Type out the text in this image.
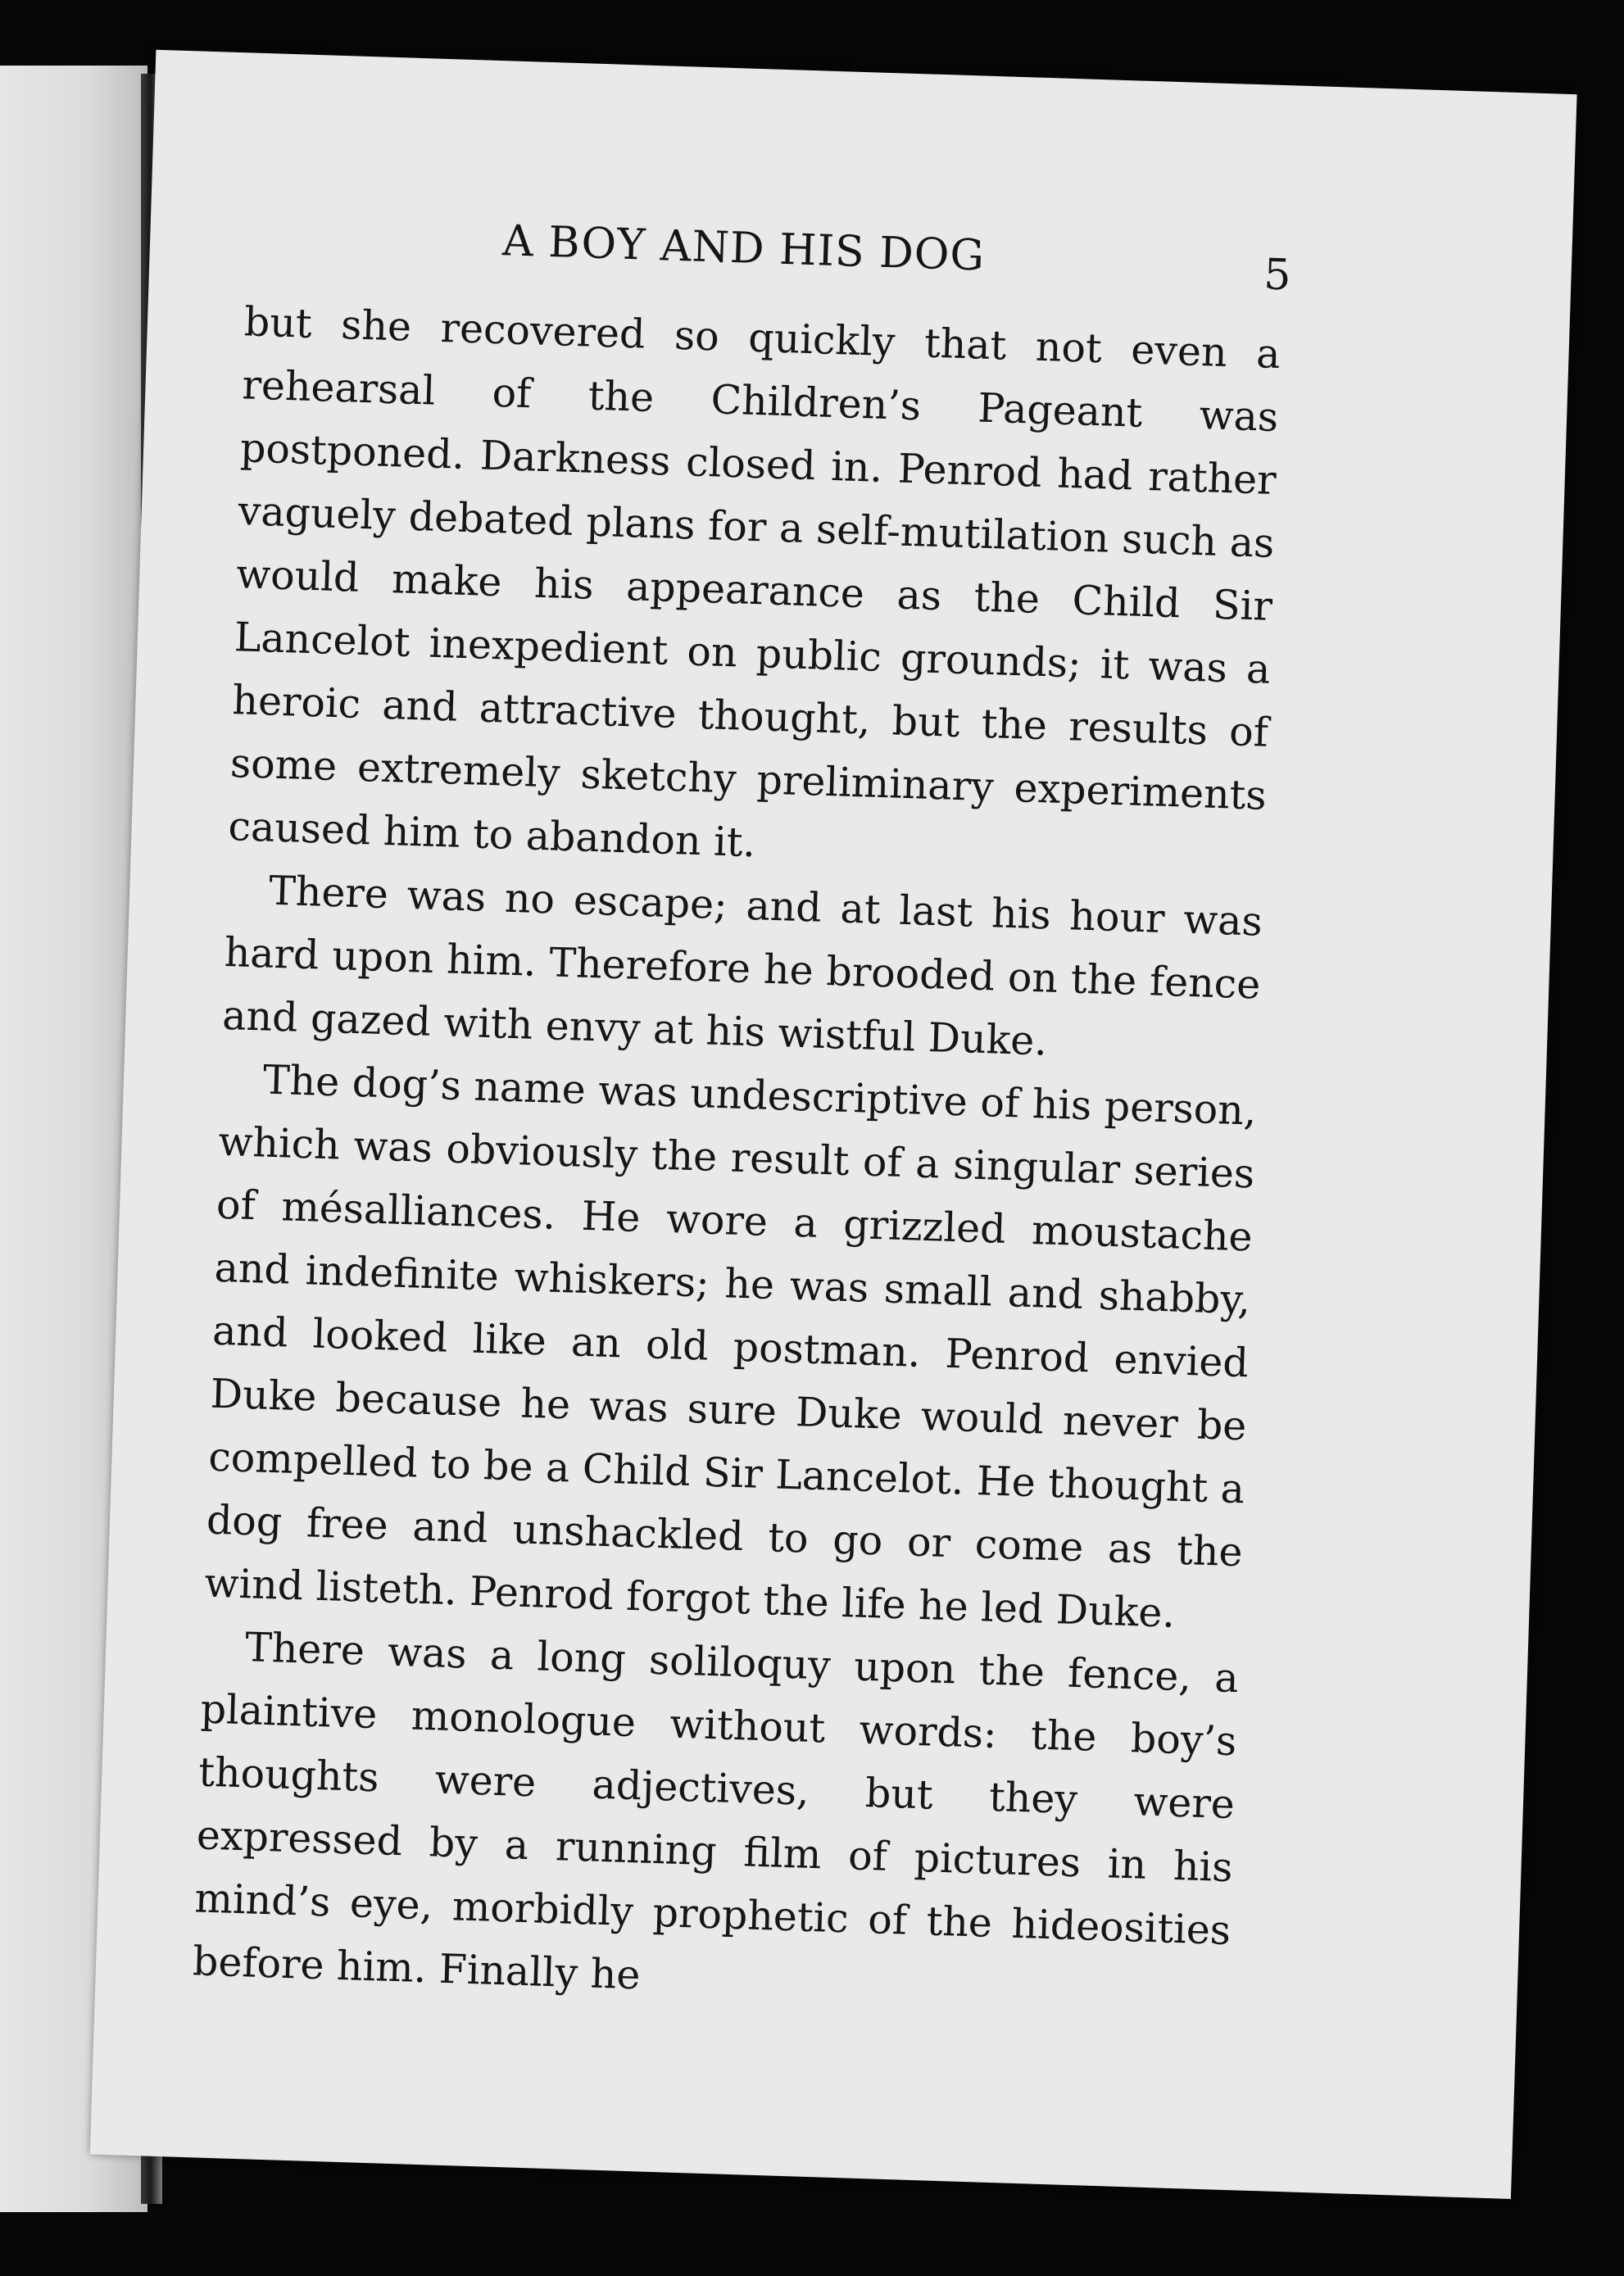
A BOY AND HIS DOG	5

but she recovered so quickly that not even a rehearsal of the Children’s Pageant was postponed. Darkness closed in. Penrod had rather vaguely debated plans for a self-mutilation such as would make his appearance as the Child Sir Lancelot inexpedient on public grounds; it was a heroic and attractive thought, but the results of some extremely sketchy preliminary experiments caused him to abandon it.

There was no escape; and at last his hour was hard upon him. Therefore he brooded on the fence and gazed with envy at his wistful Duke.

The dog’s name was undescriptive of his person, which was obviously the result of a singular series of mésalliances. He wore a grizzled moustache and indefinite whiskers; he was small and shabby, and looked like an old postman. Penrod envied Duke because he was sure Duke would never be compelled to be a Child Sir Lancelot. He thought a dog free and unshackled to go or come as the wind listeth. Penrod forgot the life he led Duke.

There was a long soliloquy upon the fence, a plaintive monologue without words: the boy’s thoughts were adjectives, but they were expressed by a running film of pictures in his mind’s eye, morbidly prophetic of the hideosities before him. Finally he
